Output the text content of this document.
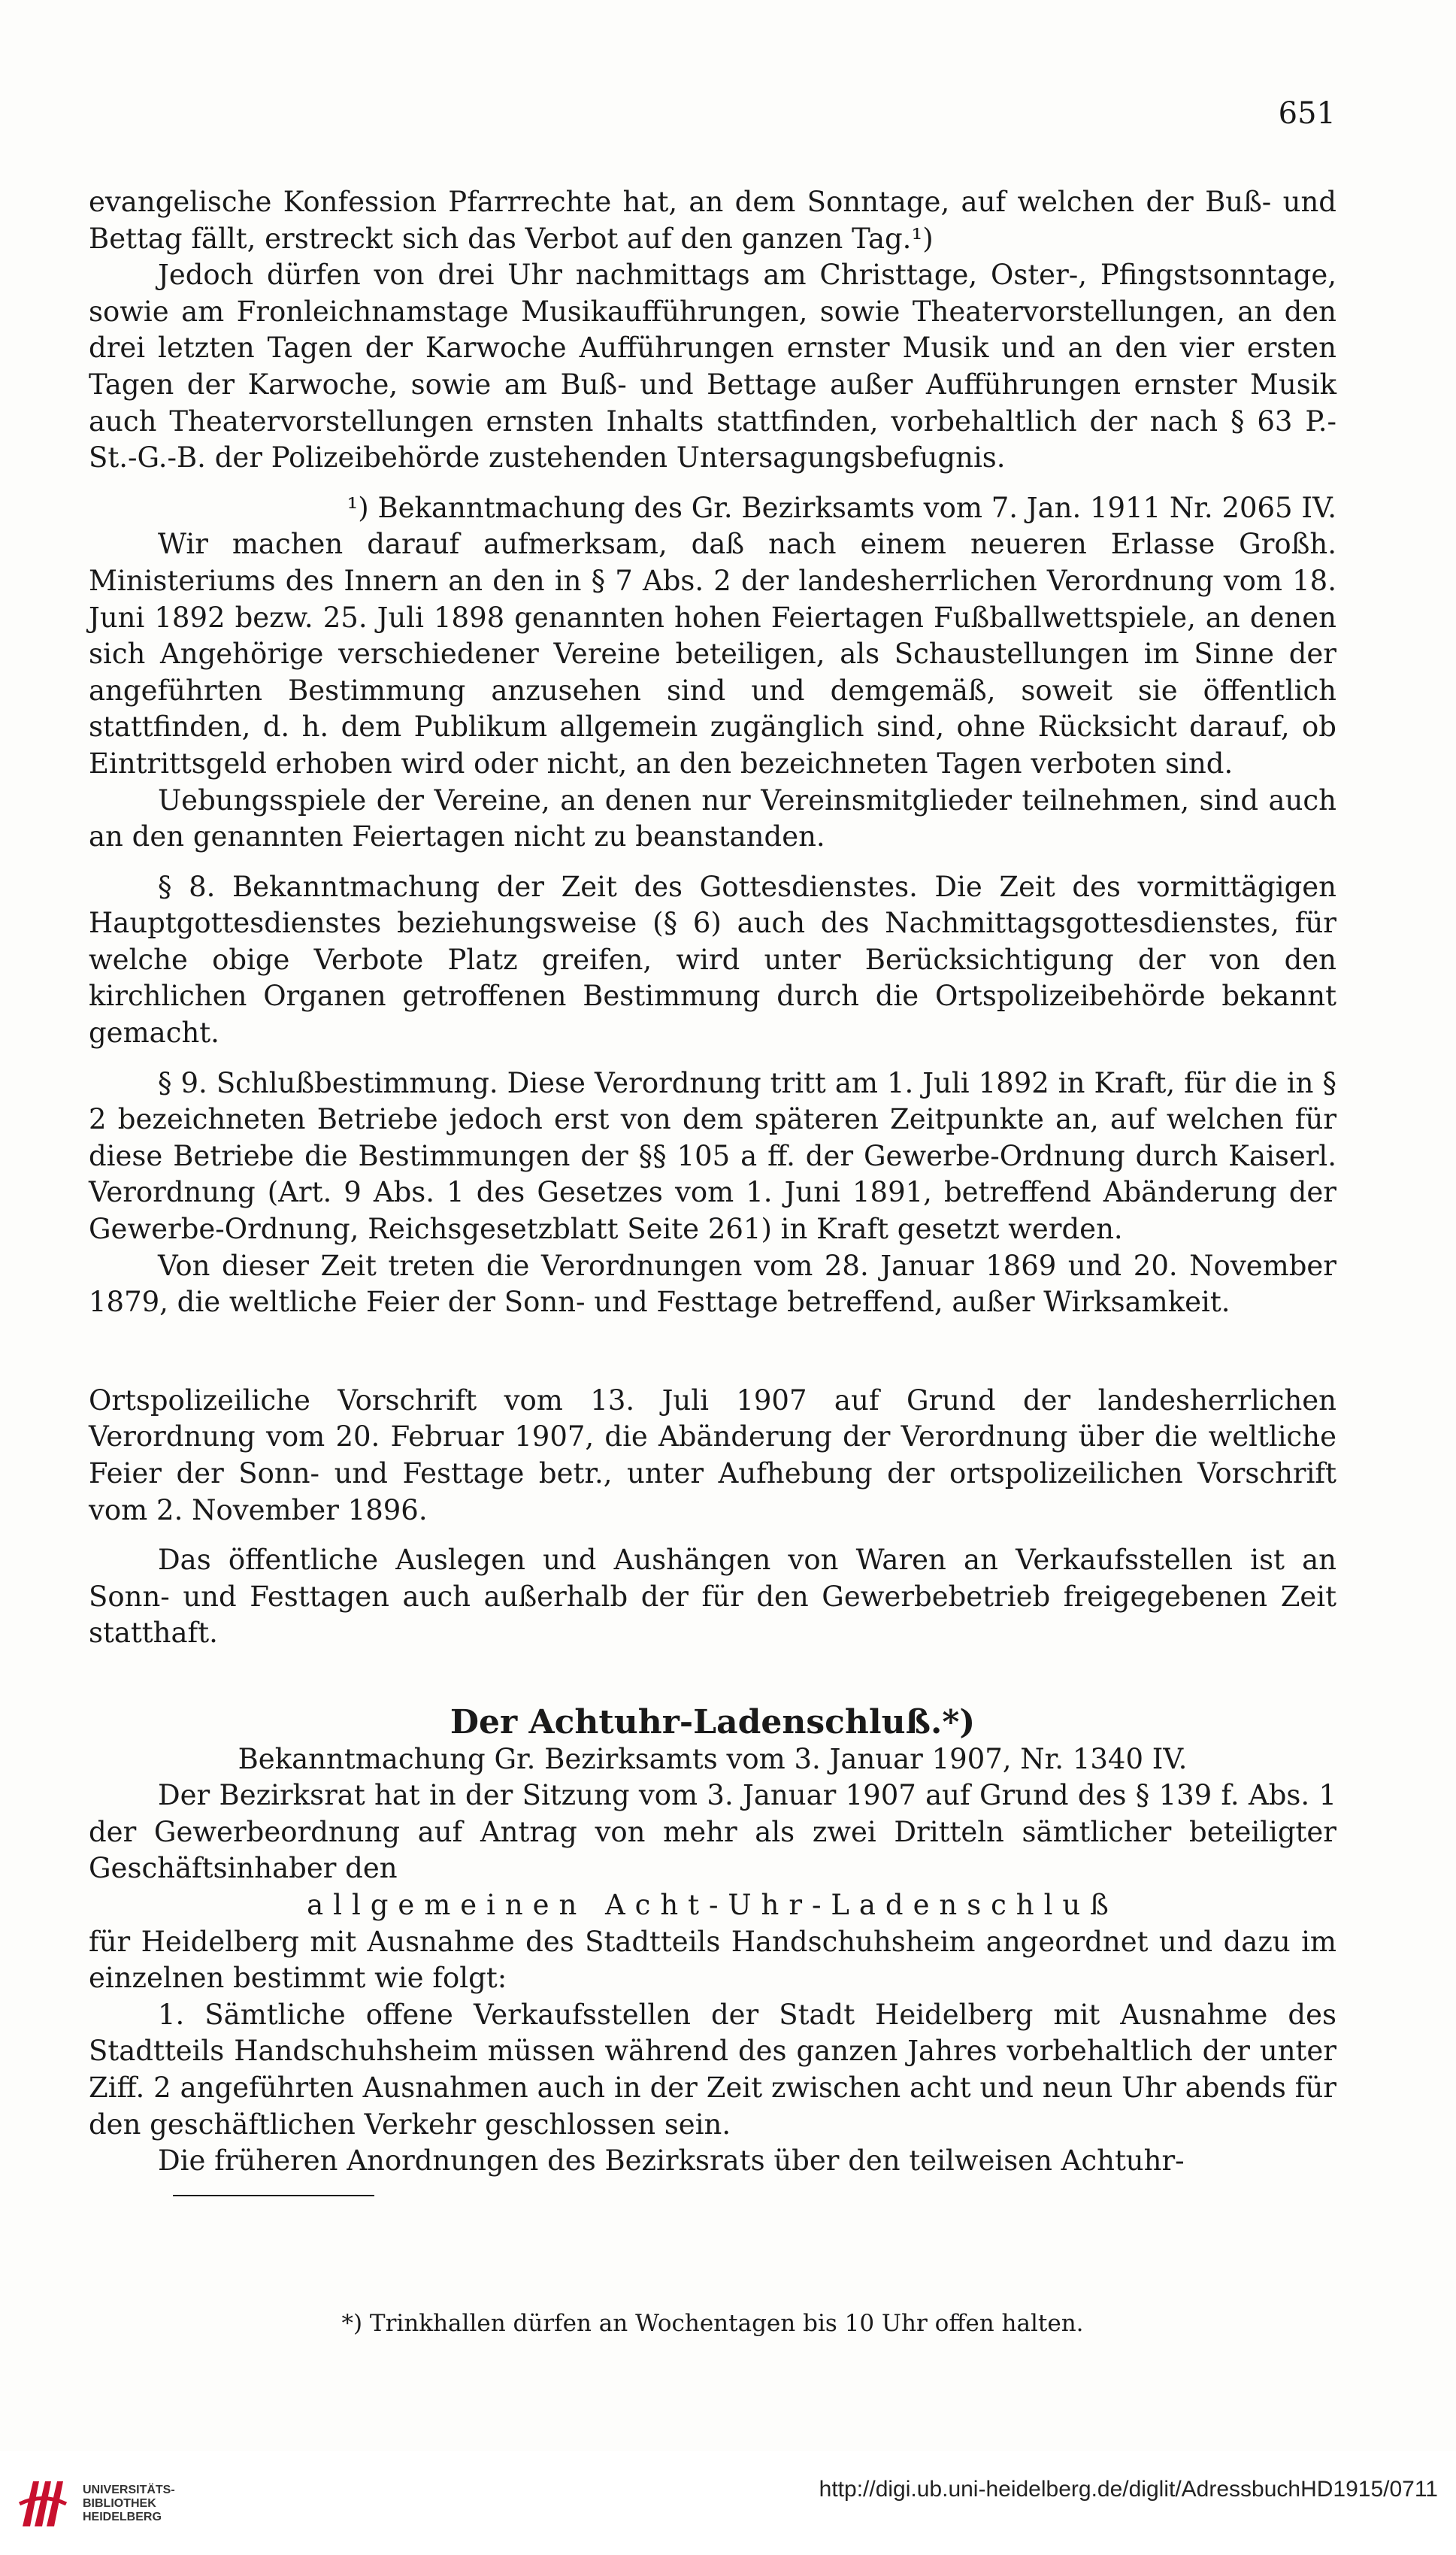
651

evangelische Konfession Pfarrrechte hat, an dem Sonntage, auf welchen der Buß- und Bettag fällt, erstreckt sich das Verbot auf den ganzen Tag.¹)

Jedoch dürfen von drei Uhr nachmittags am Christtage, Oster-, Pfingstsonntage, sowie am Fronleichnamstage Musikaufführungen, sowie Theatervorstellungen, an den drei letzten Tagen der Karwoche Aufführungen ernster Musik und an den vier ersten Tagen der Karwoche, sowie am Buß- und Bettage außer Aufführungen ernster Musik auch Theatervorstellungen ernsten Inhalts stattfinden, vorbehaltlich der nach § 63 P.-St.-G.-B. der Polizeibehörde zustehenden Untersagungsbefugnis.

¹) Bekanntmachung des Gr. Bezirksamts vom 7. Jan. 1911 Nr. 2065 IV.

Wir machen darauf aufmerksam, daß nach einem neueren Erlasse Großh. Ministeriums des Innern an den in § 7 Abs. 2 der landesherrlichen Verordnung vom 18. Juni 1892 bezw. 25. Juli 1898 genannten hohen Feiertagen Fußballwettspiele, an denen sich Angehörige verschiedener Vereine beteiligen, als Schaustellungen im Sinne der angeführten Bestimmung anzusehen sind und demgemäß, soweit sie öffentlich stattfinden, d. h. dem Publikum allgemein zugänglich sind, ohne Rücksicht darauf, ob Eintrittsgeld erhoben wird oder nicht, an den bezeichneten Tagen verboten sind.

Uebungsspiele der Vereine, an denen nur Vereinsmitglieder teilnehmen, sind auch an den genannten Feiertagen nicht zu beanstanden.

§ 8. Bekanntmachung der Zeit des Gottesdienstes. Die Zeit des vormittägigen Hauptgottesdienstes beziehungsweise (§ 6) auch des Nachmittagsgottesdienstes, für welche obige Verbote Platz greifen, wird unter Berücksichtigung der von den kirchlichen Organen getroffenen Bestimmung durch die Ortspolizeibehörde bekannt gemacht.

§ 9. Schlußbestimmung. Diese Verordnung tritt am 1. Juli 1892 in Kraft, für die in § 2 bezeichneten Betriebe jedoch erst von dem späteren Zeitpunkte an, auf welchen für diese Betriebe die Bestimmungen der §§ 105 a ff. der Gewerbe-Ordnung durch Kaiserl. Verordnung (Art. 9 Abs. 1 des Gesetzes vom 1. Juni 1891, betreffend Abänderung der Gewerbe-Ordnung, Reichsgesetzblatt Seite 261) in Kraft gesetzt werden.

Von dieser Zeit treten die Verordnungen vom 28. Januar 1869 und 20. November 1879, die weltliche Feier der Sonn- und Festtage betreffend, außer Wirksamkeit.

Ortspolizeiliche Vorschrift vom 13. Juli 1907 auf Grund der landesherrlichen Verordnung vom 20. Februar 1907, die Abänderung der Verordnung über die weltliche Feier der Sonn- und Festtage betr., unter Aufhebung der ortspolizeilichen Vorschrift vom 2. November 1896.

Das öffentliche Auslegen und Aushängen von Waren an Verkaufsstellen ist an Sonn- und Festtagen auch außerhalb der für den Gewerbebetrieb freigegebenen Zeit statthaft.

Der Achtuhr-Ladenschluß.*)

Bekanntmachung Gr. Bezirksamts vom 3. Januar 1907, Nr. 1340 IV.

Der Bezirksrat hat in der Sitzung vom 3. Januar 1907 auf Grund des § 139 f. Abs. 1 der Gewerbeordnung auf Antrag von mehr als zwei Dritteln sämtlicher beteiligter Geschäftsinhaber den

allgemeinen Acht-Uhr-Ladenschluß

für Heidelberg mit Ausnahme des Stadtteils Handschuhsheim angeordnet und dazu im einzelnen bestimmt wie folgt:

1. Sämtliche offene Verkaufsstellen der Stadt Heidelberg mit Ausnahme des Stadtteils Handschuhsheim müssen während des ganzen Jahres vorbehaltlich der unter Ziff. 2 angeführten Ausnahmen auch in der Zeit zwischen acht und neun Uhr abends für den geschäftlichen Verkehr geschlossen sein.

Die früheren Anordnungen des Bezirksrats über den teilweisen Achtuhr-

*) Trinkhallen dürfen an Wochentagen bis 10 Uhr offen halten.
UNIVERSITÄTS-
BIBLIOTHEK
HEIDELBERG
http://digi.ub.uni-heidelberg.de/diglit/AdressbuchHD1915/0711
